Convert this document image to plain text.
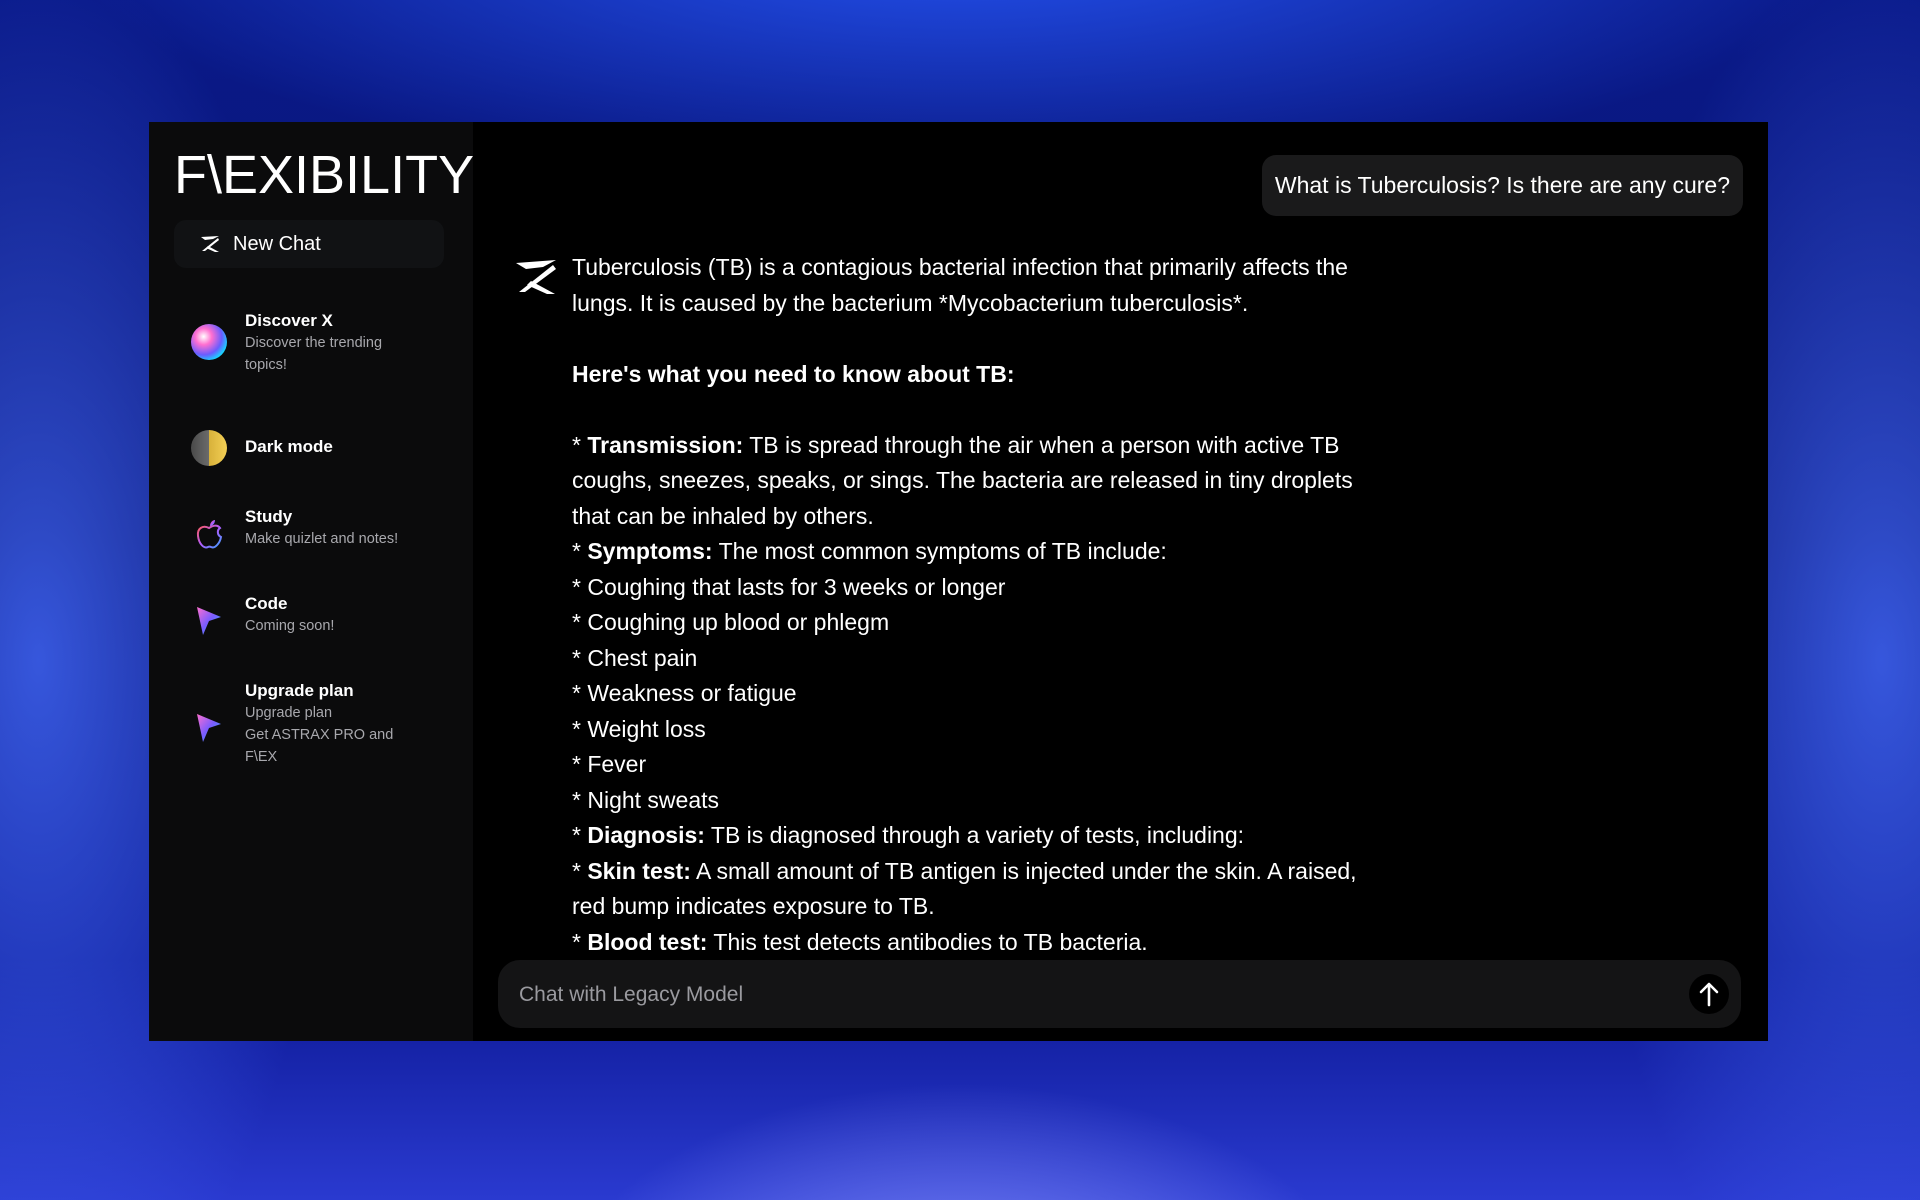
F\EXIBILITY
New Chat
Discover X
Discover the trending
topics!
Dark mode
Study
Make quizlet and notes!
Code
Coming soon!
Upgrade plan
Upgrade plan
Get ASTRAX PRO and
F\EX
What is Tuberculosis? Is there are any cure?

Tuberculosis (TB) is a contagious bacterial infection that primarily affects the lungs. It is caused by the bacterium *Mycobacterium tuberculosis*.

Here's what you need to know about TB:

* Transmission: TB is spread through the air when a person with active TB coughs, sneezes, speaks, or sings. The bacteria are released in tiny droplets that can be inhaled by others.

* Symptoms: The most common symptoms of TB include:

* Coughing that lasts for 3 weeks or longer

* Coughing up blood or phlegm

* Chest pain

* Weakness or fatigue

* Weight loss

* Fever

* Night sweats

* Diagnosis: TB is diagnosed through a variety of tests, including:

* Skin test: A small amount of TB antigen is injected under the skin. A raised, red bump indicates exposure to TB.

* Blood test: This test detects antibodies to TB bacteria.

Chat with Legacy Model
